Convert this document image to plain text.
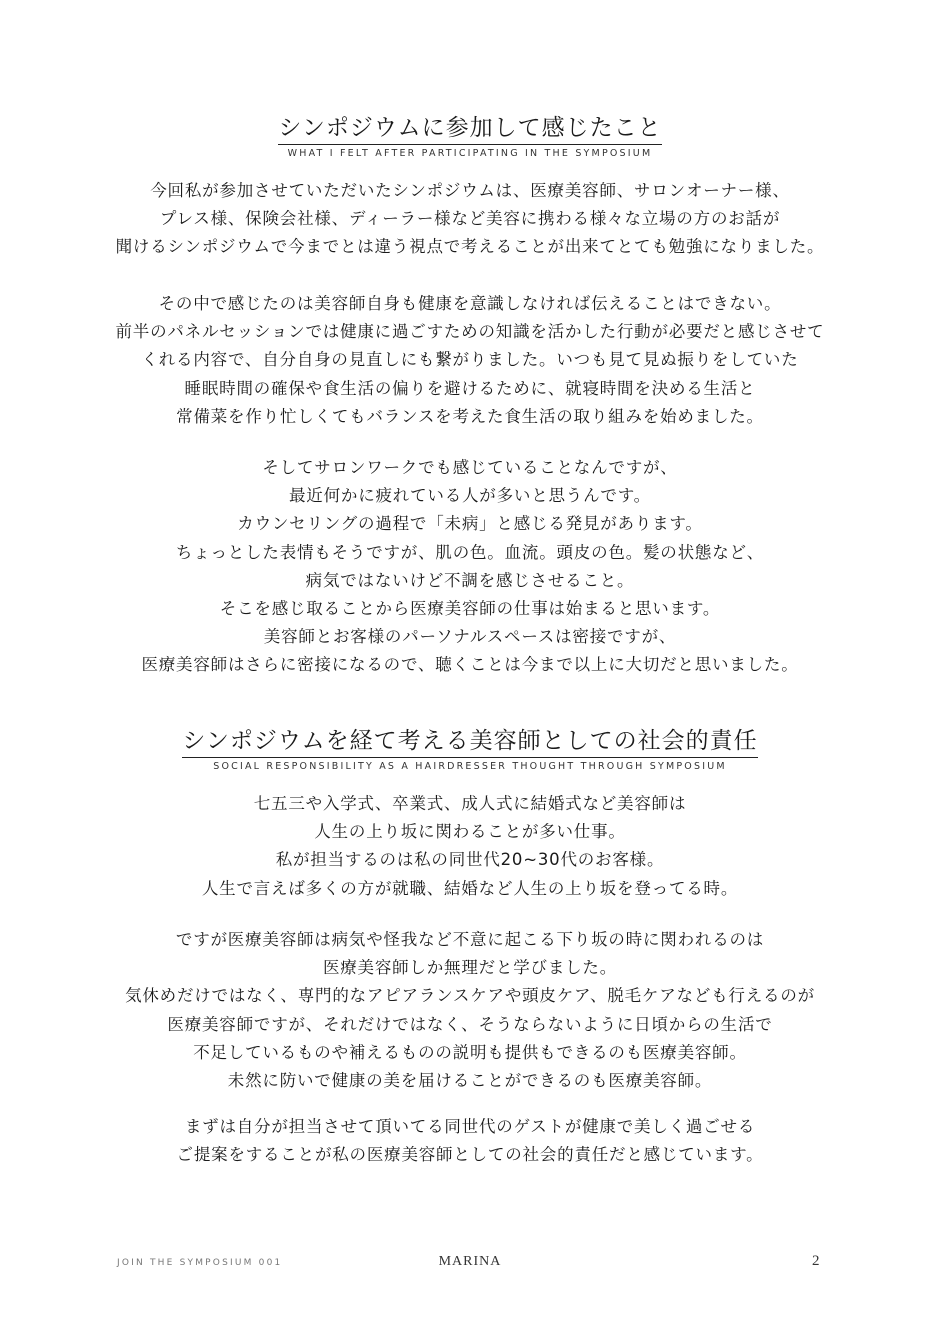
シンポジウムに参加して感じたこと
WHAT I FELT AFTER PARTICIPATING IN THE SYMPOSIUM

今回私が参加させていただいたシンポジウムは、医療美容師、サロンオーナー様、
プレス様、保険会社様、ディーラー様など美容に携わる様々な立場の方のお話が
聞けるシンポジウムで今までとは違う視点で考えることが出来てとても勉強になりました。

その中で感じたのは美容師自身も健康を意識しなければ伝えることはできない。
前半のパネルセッションでは健康に過ごすための知識を活かした行動が必要だと感じさせて
くれる内容で、自分自身の見直しにも繋がりました。いつも見て見ぬ振りをしていた
睡眠時間の確保や食生活の偏りを避けるために、就寝時間を決める生活と
常備菜を作り忙しくてもバランスを考えた食生活の取り組みを始めました。

そしてサロンワークでも感じていることなんですが、
最近何かに疲れている人が多いと思うんです。
カウンセリングの過程で「未病」と感じる発見があります。
ちょっとした表情もそうですが、肌の色。血流。頭皮の色。髪の状態など、
病気ではないけど不調を感じさせること。
そこを感じ取ることから医療美容師の仕事は始まると思います。
美容師とお客様のパーソナルスペースは密接ですが、
医療美容師はさらに密接になるので、聴くことは今まで以上に大切だと思いました。

シンポジウムを経て考える美容師としての社会的責任
SOCIAL RESPONSIBILITY AS A HAIRDRESSER THOUGHT THROUGH SYMPOSIUM

七五三や入学式、卒業式、成人式に結婚式など美容師は
人生の上り坂に関わることが多い仕事。
私が担当するのは私の同世代20~30代のお客様。
人生で言えば多くの方が就職、結婚など人生の上り坂を登ってる時。

ですが医療美容師は病気や怪我など不意に起こる下り坂の時に関われるのは
医療美容師しか無理だと学びました。
気休めだけではなく、専門的なアピアランスケアや頭皮ケア、脱毛ケアなども行えるのが
医療美容師ですが、それだけではなく、そうならないように日頃からの生活で
不足しているものや補えるものの説明も提供もできるのも医療美容師。
未然に防いで健康の美を届けることができるのも医療美容師。

まずは自分が担当させて頂いてる同世代のゲストが健康で美しく過ごせる
ご提案をすることが私の医療美容師としての社会的責任だと感じています。

JOIN THE SYMPOSIUM 001	MARINA	2
